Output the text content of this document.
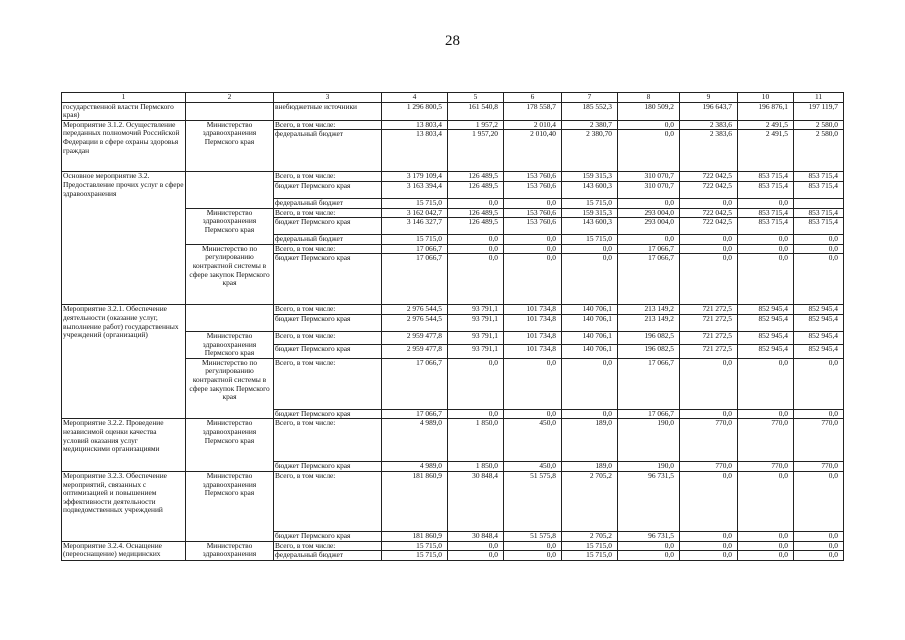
28
1	2	3	4	5	6	7	8	9	10	11
государственной власти Пермского края)		внебюджетные источники	1 296 800,5	161 540,8	178 558,7	185 552,3	180 509,2	196 643,7	196 876,1	197 119,7
Мероприятие 3.1.2. Осуществление переданных полномочий Российской Федерации в сфере охраны здоровья граждан	Министерство здравоохранения Пермского края	Всего, в том числе:	13 803,4	1 957,2	2 010,4	2 380,7	0,0	2 383,6	2 491,5	2 580,0
		федеральный бюджет	13 803,4	1 957,20	2 010,40	2 380,70	0,0	2 383,6	2 491,5	2 580,0
Основное мероприятие 3.2. Предоставление прочих услуг в сфере здравоохранения		Всего, в том числе:	3 179 109,4	126 489,5	153 760,6	159 315,3	310 070,7	722 042,5	853 715,4	853 715,4
		бюджет Пермского края	3 163 394,4	126 489,5	153 760,6	143 600,3	310 070,7	722 042,5	853 715,4	853 715,4
		федеральный бюджет	15 715,0	0,0	0,0	15 715,0	0,0	0,0	0,0	
	Министерство здравоохранения Пермского края	Всего, в том числе:	3 162 042,7	126 489,5	153 760,6	159 315,3	293 004,0	722 042,5	853 715,4	853 715,4
		бюджет Пермского края	3 146 327,7	126 489,5	153 760,6	143 600,3	293 004,0	722 042,5	853 715,4	853 715,4
		федеральный бюджет	15 715,0	0,0	0,0	15 715,0	0,0	0,0	0,0	0,0
	Министерство по регулированию контрактной системы в сфере закупок Пермского края	Всего, в том числе:	17 066,7	0,0	0,0	0,0	17 066,7	0,0	0,0	0,0
		бюджет Пермского края	17 066,7	0,0	0,0	0,0	17 066,7	0,0	0,0	0,0
Мероприятие 3.2.1. Обеспечение деятельности (оказание услуг, выполнение работ) государственных учреждений (организаций)		Всего, в том числе:	2 976 544,5	93 791,1	101 734,8	140 706,1	213 149,2	721 272,5	852 945,4	852 945,4
		бюджет Пермского края	2 976 544,5	93 791,1	101 734,8	140 706,1	213 149,2	721 272,5	852 945,4	852 945,4
	Министерство здравоохранения Пермского края	Всего, в том числе:	2 959 477,8	93 791,1	101 734,8	140 706,1	196 082,5	721 272,5	852 945,4	852 945,4
		бюджет Пермского края	2 959 477,8	93 791,1	101 734,8	140 706,1	196 082,5	721 272,5	852 945,4	852 945,4
	Министерство по регулированию контрактной системы в сфере закупок Пермского края	Всего, в том числе:	17 066,7	0,0	0,0	0,0	17 066,7	0,0	0,0	0,0
		бюджет Пермского края	17 066,7	0,0	0,0	0,0	17 066,7	0,0	0,0	0,0
Мероприятие 3.2.2. Проведение независимой оценки качества условий оказания услуг медицинскими организациями	Министерство здравоохранения Пермского края	Всего, в том числе:	4 989,0	1 850,0	450,0	189,0	190,0	770,0	770,0	770,0
		бюджет Пермского края	4 989,0	1 850,0	450,0	189,0	190,0	770,0	770,0	770,0
Мероприятие 3.2.3. Обеспечение мероприятий, связанных с оптимизацией и повышением эффективности деятельности подведомственных учреждений	Министерство здравоохранения Пермского края	Всего, в том числе:	181 860,9	30 848,4	51 575,8	2 705,2	96 731,5	0,0	0,0	0,0
		бюджет Пермского края	181 860,9	30 848,4	51 575,8	2 705,2	96 731,5	0,0	0,0	0,0
Мероприятие 3.2.4. Оснащение (переоснащение) медицинских	Министерство здравоохранения	Всего, в том числе:	15 715,0	0,0	0,0	15 715,0	0,0	0,0	0,0	0,0
		федеральный бюджет	15 715,0	0,0	0,0	15 715,0	0,0	0,0	0,0	0,0
